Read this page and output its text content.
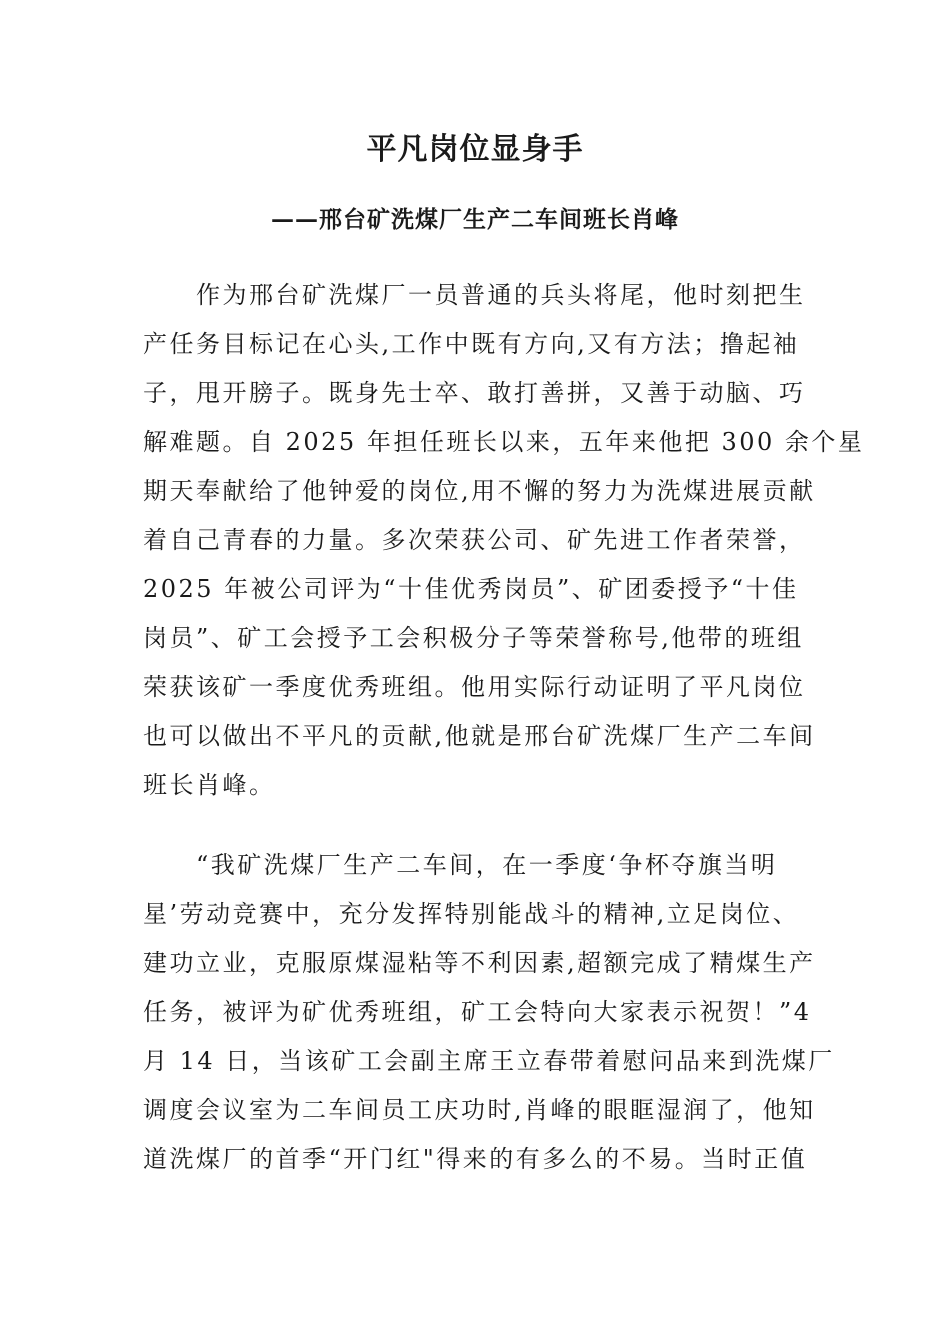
平凡岗位显身手
——邢台矿洗煤厂生产二车间班长肖峰
　　作为邢台矿洗煤厂一员普通的兵头将尾，他时刻把生
产任务目标记在心头,工作中既有方向,又有方法；撸起袖
子，甩开膀子。既身先士卒、敢打善拼，又善于动脑、巧
解难题。自 2025 年担任班长以来，五年来他把 300 余个星
期天奉献给了他钟爱的岗位,用不懈的努力为洗煤进展贡献
着自己青春的力量。多次荣获公司、矿先进工作者荣誉，
2025 年被公司评为“十佳优秀岗员”、矿团委授予“十佳
岗员”、矿工会授予工会积极分子等荣誉称号,他带的班组
荣获该矿一季度优秀班组。他用实际行动证明了平凡岗位
也可以做出不平凡的贡献,他就是邢台矿洗煤厂生产二车间
班长肖峰。
　　“我矿洗煤厂生产二车间，在一季度‘争杯夺旗当明
星’劳动竞赛中，充分发挥特别能战斗的精神,立足岗位、
建功立业，克服原煤湿粘等不利因素,超额完成了精煤生产
任务，被评为矿优秀班组，矿工会特向大家表示祝贺！”4
月 14 日，当该矿工会副主席王立春带着慰问品来到洗煤厂
调度会议室为二车间员工庆功时,肖峰的眼眶湿润了，他知
道洗煤厂的首季“开门红"得来的有多么的不易。当时正值
